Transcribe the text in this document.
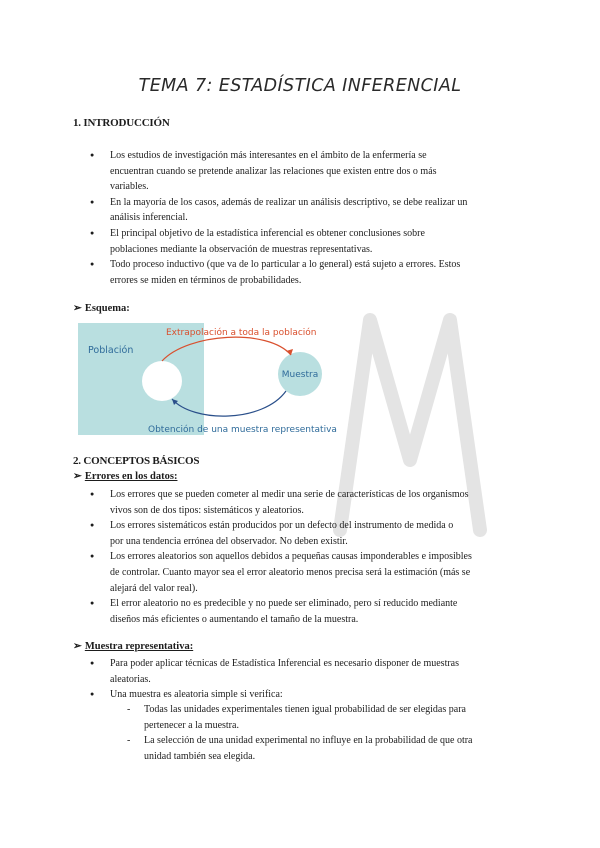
TEMA 7: ESTADÍSTICA INFERENCIAL
1. INTRODUCCIÓN
● Los estudios de investigación más interesantes en el ámbito de la enfermería se
encuentran cuando se pretende analizar las relaciones que existen entre dos o más
variables.
● En la mayoría de los casos, además de realizar un análisis descriptivo, se debe realizar un
análisis inferencial.
● El principal objetivo de la estadística inferencial es obtener conclusiones sobre
poblaciones mediante la observación de muestras representativas.
● Todo proceso inductivo (que va de lo particular a lo general) está sujeto a errores. Estos
errores se miden en términos de probabilidades.
➢ Esquema:
Población
Muestra
Extrapolación a toda la población
Obtención de una muestra representativa
2. CONCEPTOS BÁSICOS
➢ Errores en los datos:
● Los errores que se pueden cometer al medir una serie de características de los organismos
vivos son de dos tipos: sistemáticos y aleatorios.
● Los errores sistemáticos están producidos por un defecto del instrumento de medida o
por una tendencia errónea del observador. No deben existir.
● Los errores aleatorios son aquellos debidos a pequeñas causas imponderables e imposibles
de controlar. Cuanto mayor sea el error aleatorio menos precisa será la estimación (más se
alejará del valor real).
● El error aleatorio no es predecible y no puede ser eliminado, pero sí reducido mediante
diseños más eficientes o aumentando el tamaño de la muestra.
➢ Muestra representativa:
● Para poder aplicar técnicas de Estadística Inferencial es necesario disponer de muestras
aleatorias.
● Una muestra es aleatoria simple si verifica:
- Todas las unidades experimentales tienen igual probabilidad de ser elegidas para
pertenecer a la muestra.
- La selección de una unidad experimental no influye en la probabilidad de que otra
unidad también sea elegida.
